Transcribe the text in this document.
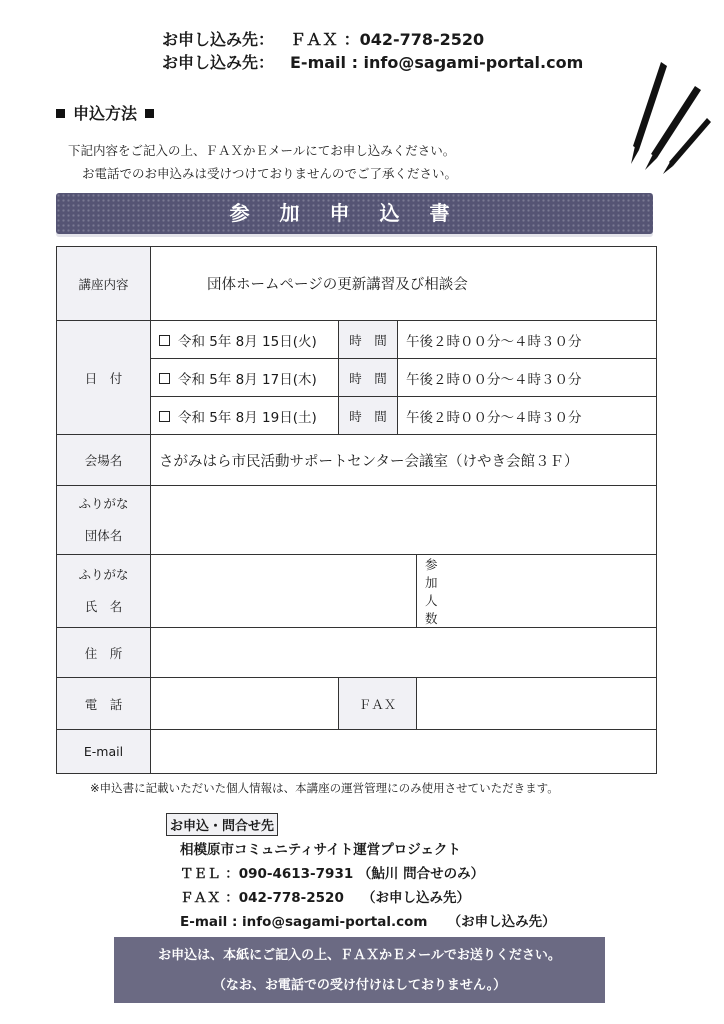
お申し込み先： ＦＡＸ ：042-778-2520
お申し込み先： E-mail : info@sagami-portal.com
申込方法
下記内容をご記入の上、ＦＡＸかＥメールにてお申し込みください。
お電話でのお申込みは受けつけておりませんのでご了承ください。
参加申込書
講座内容	団体ホームページの更新講習及び相談会			
日　付	令和 5年 8月 15日(火)	時　間	午後２時００分～４時３０分	
	令和 5年 8月 17日(木)	時　間	午後２時００分～４時３０分	
	令和 5年 8月 19日(土)	時　間	午後２時００分～４時３０分	
会場名	さがみはら市民活動サポートセンター会議室（けやき会館３Ｆ）			

ふりがな
団体名				

ふりがな
氏　名				参加人数	
住　所				
電　話		ＦＡＸ		
E-mail				
※申込書に記載いただいた個人情報は、本講座の運営管理にのみ使用させていただきます。
お申込・問合せ先
相模原市コミュニティサイト運営プロジェクト
ＴＥＬ ：090-4613-7931 （鮎川 問合せのみ）
ＦＡＸ ：042-778-2520　 （お申し込み先）
E-mail : info@sagami-portal.com　　（お申し込み先）
お申込は、本紙にご記入の上、ＦＡＸかＥメールでお送りください。
（なお、お電話での受け付けはしておりません。）
